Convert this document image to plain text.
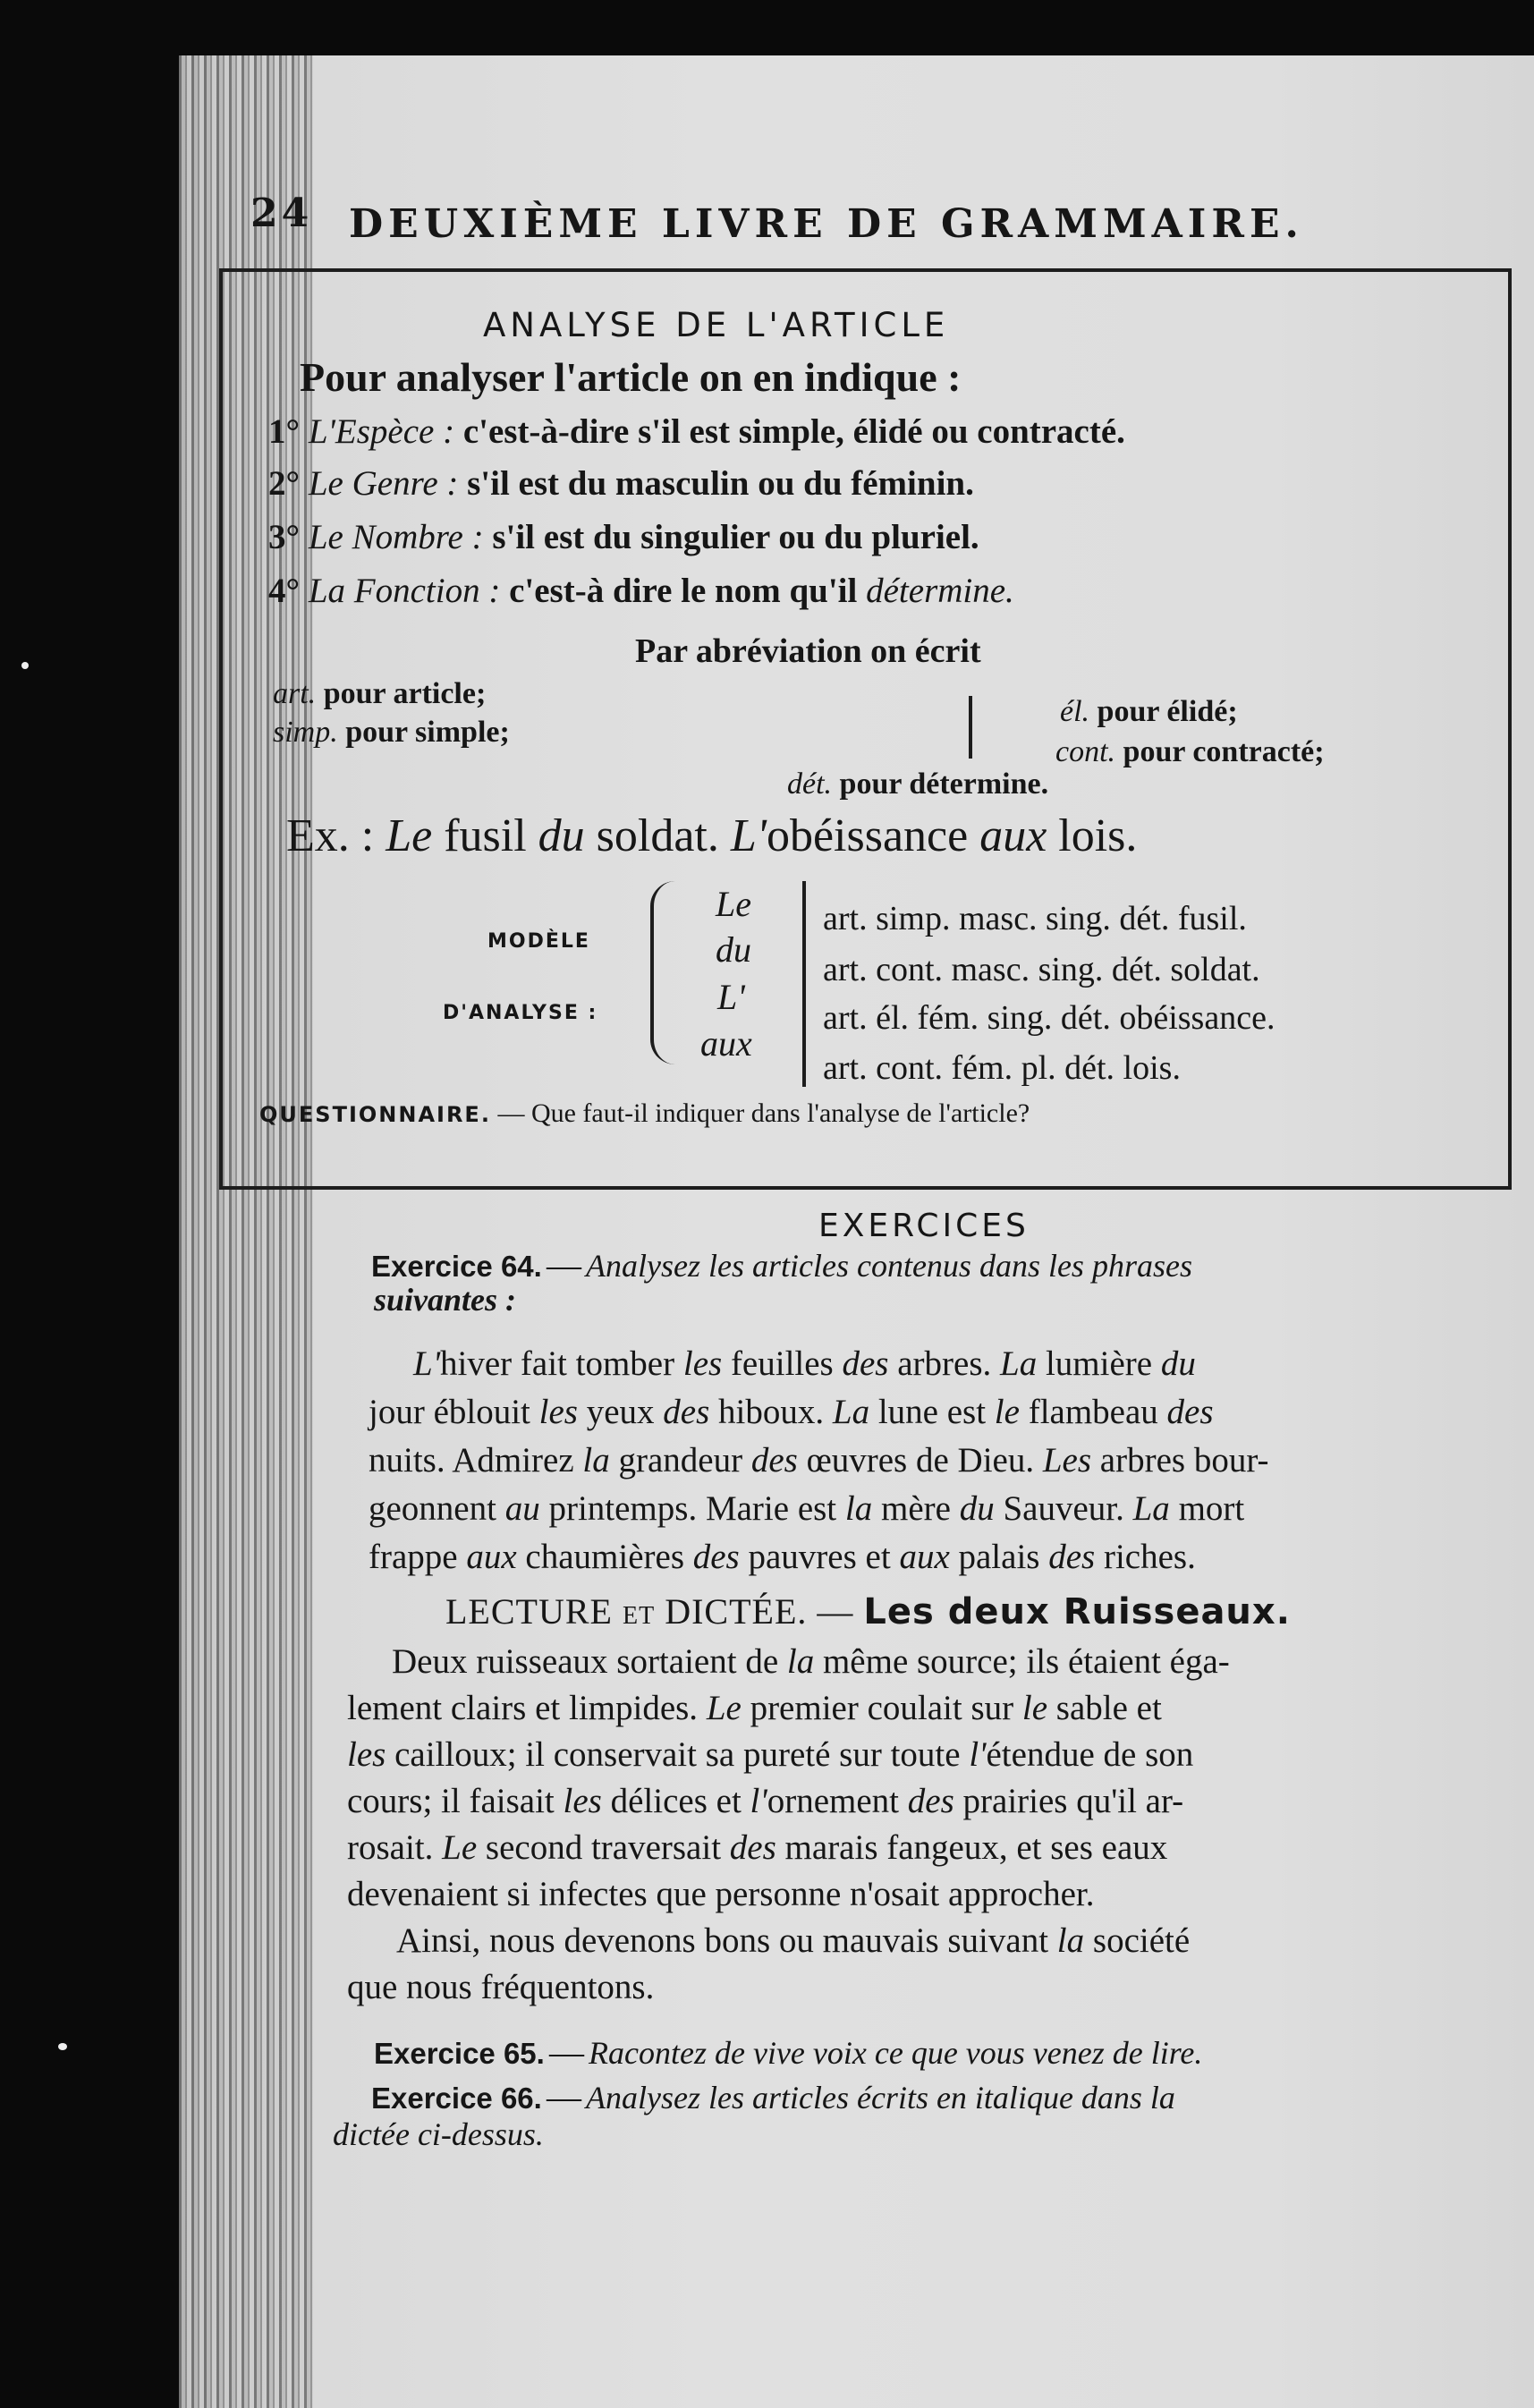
24 DEUXIÈME LIVRE DE GRAMMAIRE.
ANALYSE DE L'ARTICLE
Pour analyser l'article on en indique :
1° L'Espèce : c'est-à-dire s'il est simple, élidé ou contracté.
2° Le Genre : s'il est du masculin ou du féminin.
3° Le Nombre : s'il est du singulier ou du pluriel.
4° La Fonction : c'est-à dire le nom qu'il détermine.
Par abréviation on écrit
art. pour article;
simp. pour simple;
él. pour élidé;
cont. pour contracté;
dét. pour détermine.
Ex. : Le fusil du soldat. L'obéissance aux lois.
MODÈLE
D'ANALYSE :
Le
du
L'
aux
art. simp. masc. sing. dét. fusil.
art. cont. masc. sing. dét. soldat.
art. él. fém. sing. dét. obéissance.
art. cont. fém. pl. dét. lois.
QUESTIONNAIRE. — Que faut-il indiquer dans l'analyse de l'article?
EXERCICES
Exercice 64. — Analysez les articles contenus dans les phrases
suivantes :
L'hiver fait tomber les feuilles des arbres. La lumière du
jour éblouit les yeux des hiboux. La lune est le flambeau des
nuits. Admirez la grandeur des œuvres de Dieu. Les arbres bour-
geonnent au printemps. Marie est la mère du Sauveur. La mort
frappe aux chaumières des pauvres et aux palais des riches.
LECTURE ET DICTÉE. — Les deux Ruisseaux.
Deux ruisseaux sortaient de la même source; ils étaient éga-
lement clairs et limpides. Le premier coulait sur le sable et
les cailloux; il conservait sa pureté sur toute l'étendue de son
cours; il faisait les délices et l'ornement des prairies qu'il ar-
rosait. Le second traversait des marais fangeux, et ses eaux
devenaient si infectes que personne n'osait approcher.
Ainsi, nous devenons bons ou mauvais suivant la société
que nous fréquentons.
Exercice 65. — Racontez de vive voix ce que vous venez de lire.
Exercice 66. — Analysez les articles écrits en italique dans la
dictée ci-dessus.
